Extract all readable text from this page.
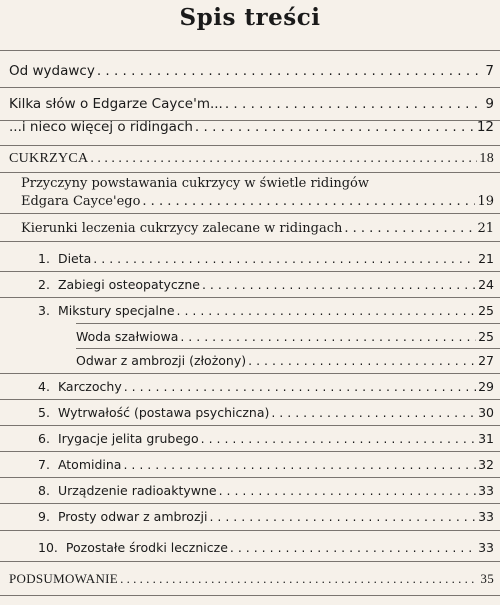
Spis treści
Od wydawcy . . .	7
Kilka słów o Edgarze Cayce'm... . . .	9
...i nieco więcej o ridingach . . .	12
CUKRZYCA . . .	18
Przyczyny powstawania cukrzycy w świetle ridingów
Edgara Cayce'ego . . .	19
Kierunki leczenia cukrzycy zalecane w ridingach . . .	21
1. Dieta . . .	21
2. Zabiegi osteopatyczne . . .	24
3. Mikstury specjalne . . .	25
Woda szałwiowa . . .	25
Odwar z ambrozji (złożony) . . .	27
4. Karczochy . . .	29
5. Wytrwałość (postawa psychiczna) . . .	30
6. Irygacje jelita grubego . . .	31
7. Atomidina . . .	32
8. Urządzenie radioaktywne . . .	33
9. Prosty odwar z ambrozji . . .	33
10. Pozostałe środki lecznicze . . .	33
PODSUMOWANIE . . .	35
